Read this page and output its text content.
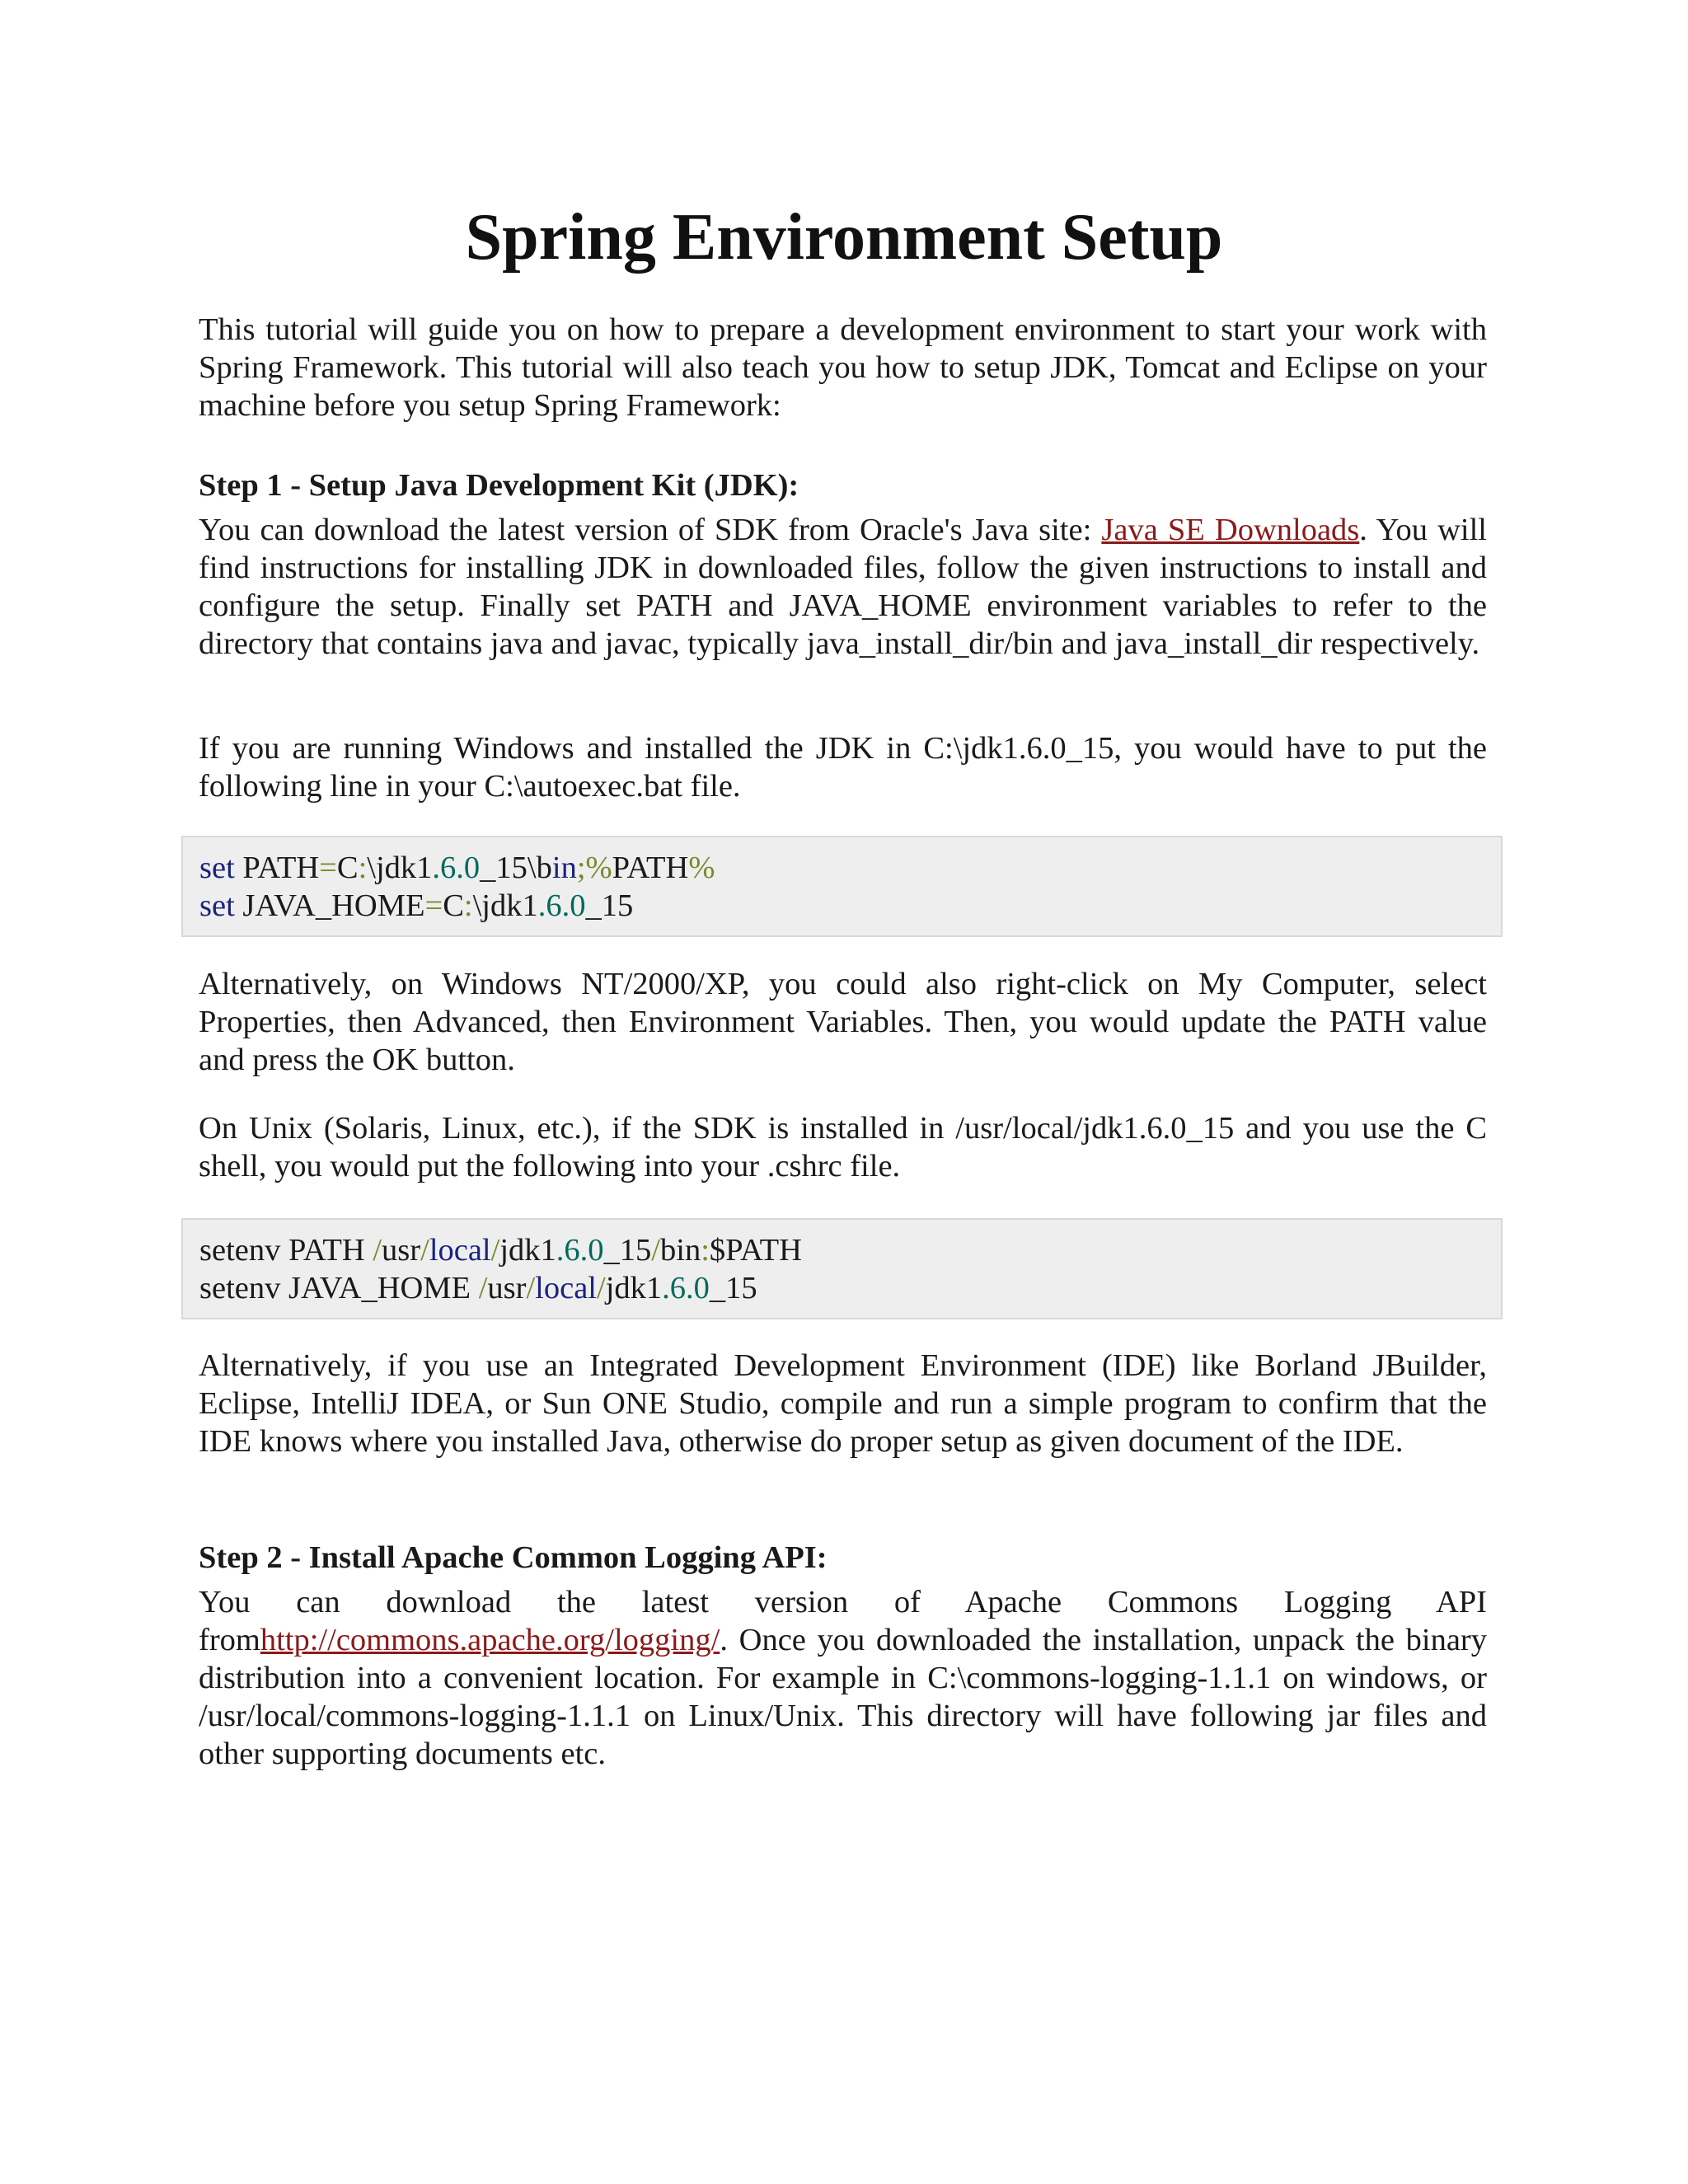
Spring Environment Setup

This tutorial will guide you on how to prepare a development environment to start your work with Spring Framework. This tutorial will also teach you how to setup JDK, Tomcat and Eclipse on your machine before you setup Spring Framework:

Step 1 - Setup Java Development Kit (JDK):

You can download the latest version of SDK from Oracle's Java site: Java SE Downloads. You will find instructions for installing JDK in downloaded files, follow the given instructions to install and configure the setup. Finally set PATH and JAVA_HOME environment variables to refer to the directory that contains java and javac, typically java_install_dir/bin and java_install_dir respectively.

If you are running Windows and installed the JDK in C:\jdk1.6.0_15, you would have to put the following line in your C:\autoexec.bat file.

set PATH=C:\jdk1.6.0_15\bin;%PATH%
set JAVA_HOME=C:\jdk1.6.0_15

Alternatively, on Windows NT/2000/XP, you could also right-click on My Computer, select Properties, then Advanced, then Environment Variables. Then, you would update the PATH value and press the OK button.

On Unix (Solaris, Linux, etc.), if the SDK is installed in /usr/local/jdk1.6.0_15 and you use the C shell, you would put the following into your .cshrc file.

setenv PATH /usr/local/jdk1.6.0_15/bin:$PATH
setenv JAVA_HOME /usr/local/jdk1.6.0_15

Alternatively, if you use an Integrated Development Environment (IDE) like Borland JBuilder, Eclipse, IntelliJ IDEA, or Sun ONE Studio, compile and run a simple program to confirm that the IDE knows where you installed Java, otherwise do proper setup as given document of the IDE.

Step 2 - Install Apache Common Logging API:

You can download the latest version of Apache Commons Logging API fromhttp://commons.apache.org/logging/. Once you downloaded the installation, unpack the binary distribution into a convenient location. For example in C:\commons-logging-1.1.1 on windows, or /usr/local/commons-logging-1.1.1 on Linux/Unix. This directory will have following jar files and other supporting documents etc.
